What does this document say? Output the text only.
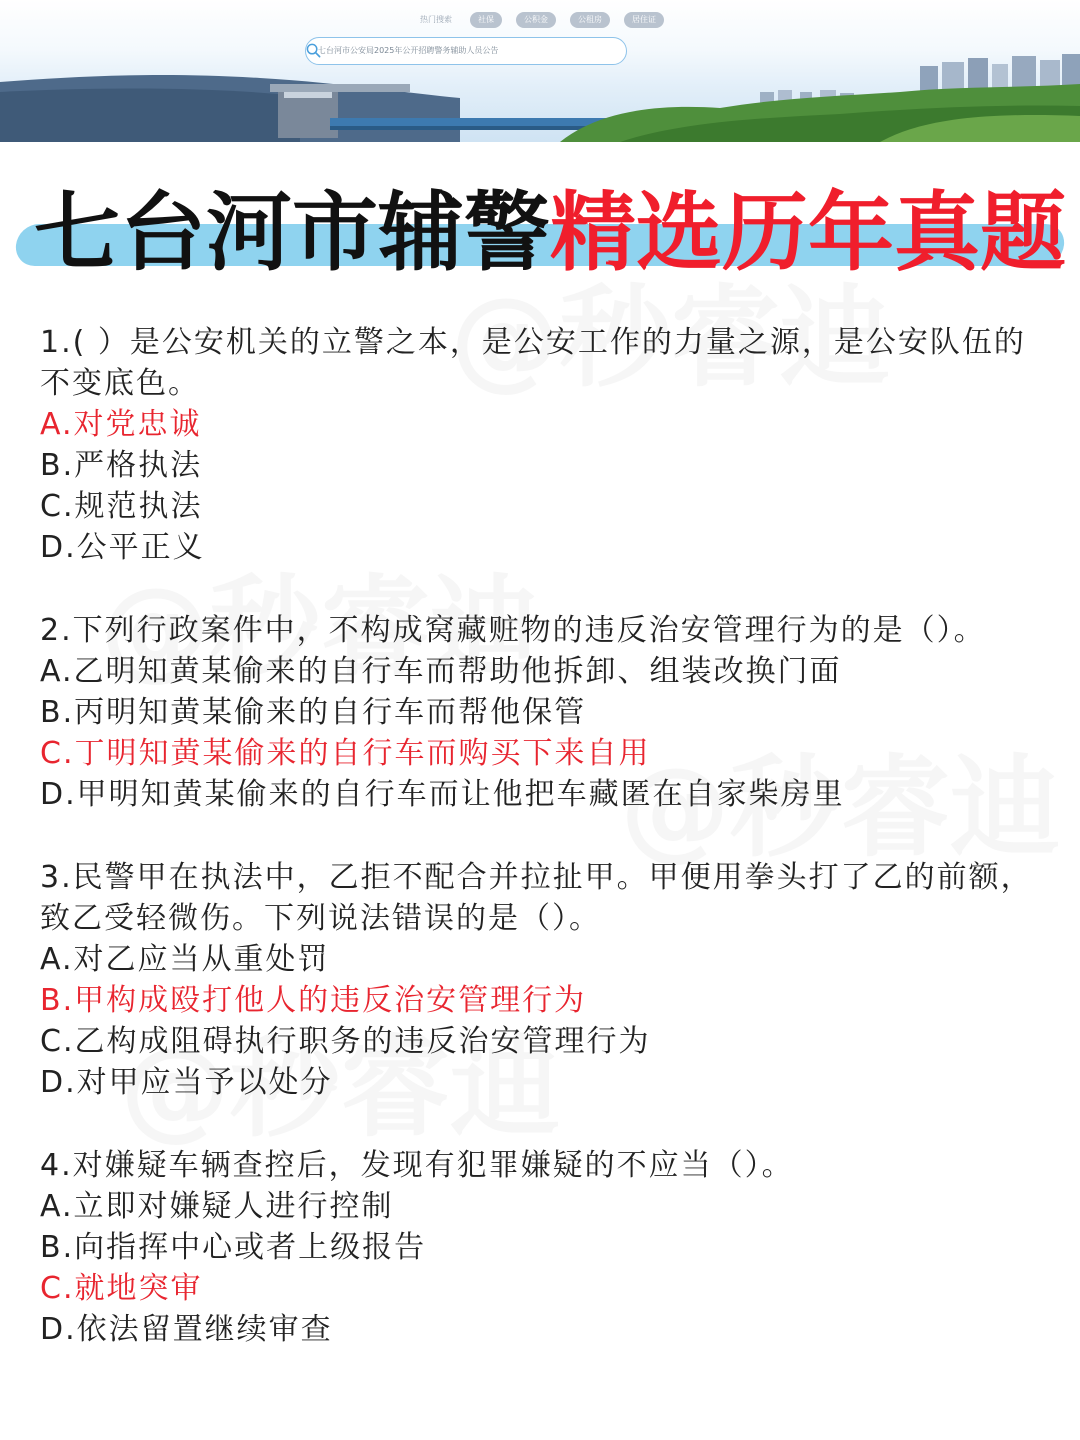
热门搜索	社保	公积金	公租房	居住证
七台河市公安局2025年公开招聘警务辅助人员公告
七台河市辅警精选历年真题
1.( ）是公安机关的立警之本，是公安工作的力量之源，是公安队伍的不变底色。
A.对党忠诚
B.严格执法
C.规范执法
D.公平正义
2.下列行政案件中，不构成窝藏赃物的违反治安管理行为的是（）。
A.乙明知黄某偷来的自行车而帮助他拆卸、组装改换门面
B.丙明知黄某偷来的自行车而帮他保管
C.丁明知黄某偷来的自行车而购买下来自用
D.甲明知黄某偷来的自行车而让他把车藏匿在自家柴房里
3.民警甲在执法中，乙拒不配合并拉扯甲。甲便用拳头打了乙的前额，致乙受轻微伤。下列说法错误的是（）。
A.对乙应当从重处罚
B.甲构成殴打他人的违反治安管理行为
C.乙构成阻碍执行职务的违反治安管理行为
D.对甲应当予以处分
4.对嫌疑车辆查控后，发现有犯罪嫌疑的不应当（）。
A.立即对嫌疑人进行控制
B.向指挥中心或者上级报告
C.就地突审
D.依法留置继续审查
